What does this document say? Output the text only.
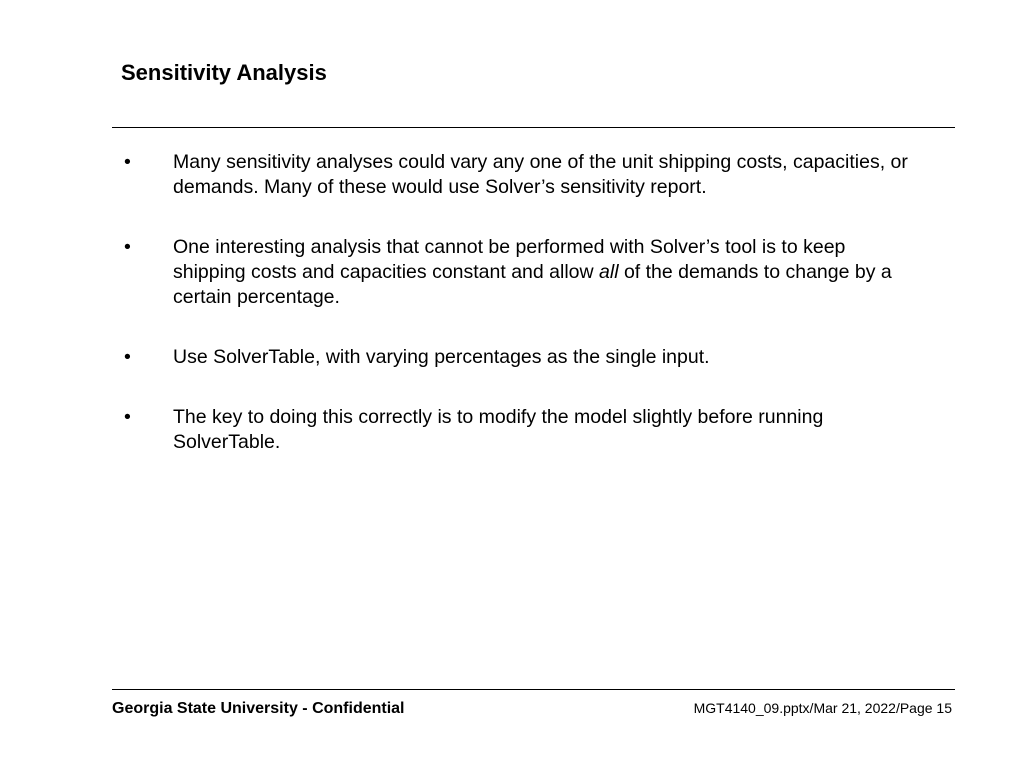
Sensitivity Analysis
• Many sensitivity analyses could vary any one of the unit shipping costs, capacities, or demands. Many of these would use Solver’s sensitivity report.
• One interesting analysis that cannot be performed with Solver’s tool is to keep shipping costs and capacities constant and allow all of the demands to change by a certain percentage.
• Use SolverTable, with varying percentages as the single input.
• The key to doing this correctly is to modify the model slightly before running SolverTable.
Georgia State University - Confidential	MGT4140_09.pptx/Mar 21, 2022/Page 15
